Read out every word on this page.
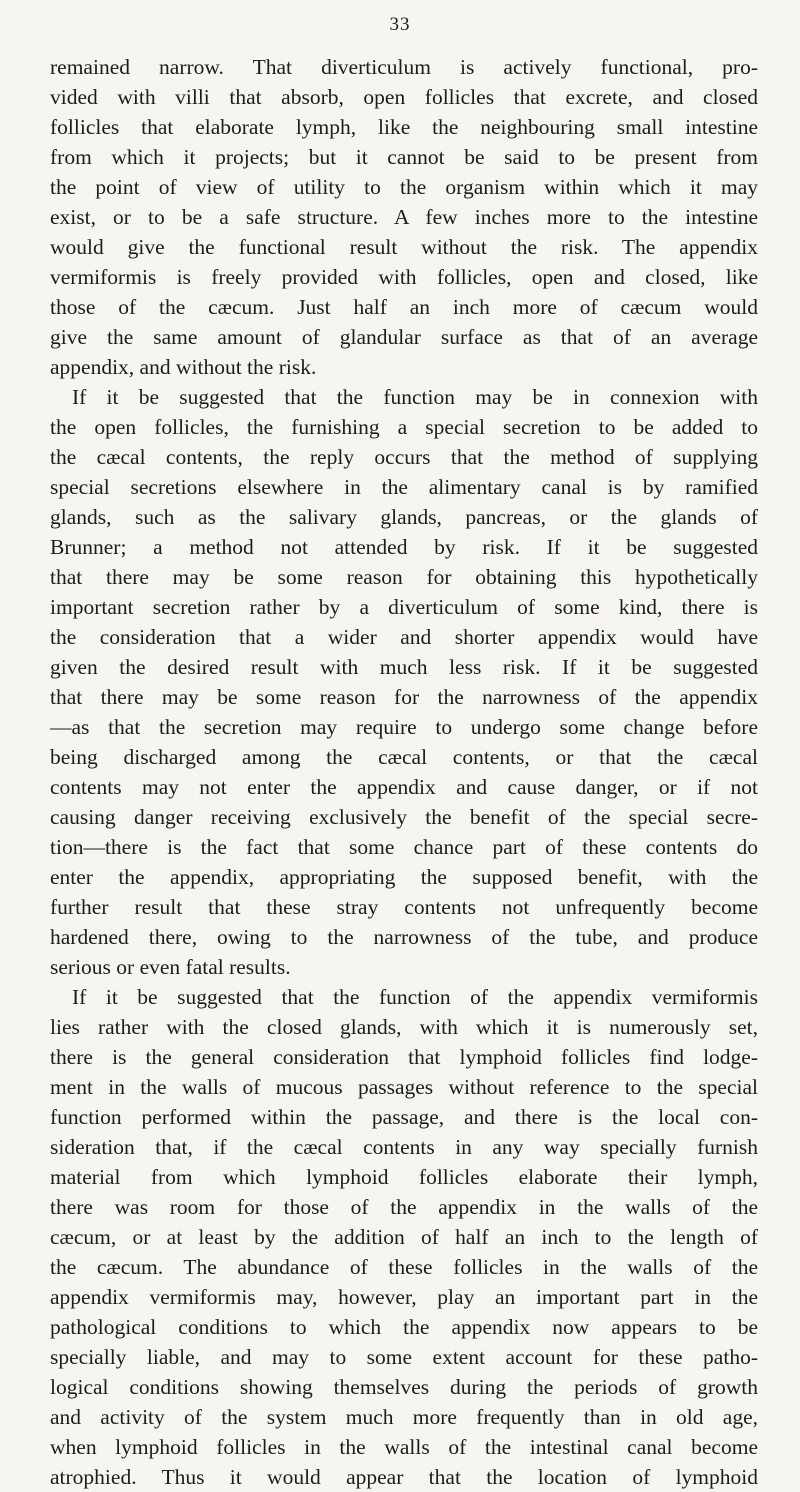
33
remained narrow. That diverticulum is actively functional, pro-
vided with villi that absorb, open follicles that excrete, and closed
follicles that elaborate lymph, like the neighbouring small intestine
from which it projects; but it cannot be said to be present from
the point of view of utility to the organism within which it may
exist, or to be a safe structure. A few inches more to the intestine
would give the functional result without the risk. The appendix
vermiformis is freely provided with follicles, open and closed, like
those of the cæcum. Just half an inch more of cæcum would
give the same amount of glandular surface as that of an average
appendix, and without the risk.
If it be suggested that the function may be in connexion with
the open follicles, the furnishing a special secretion to be added to
the cæcal contents, the reply occurs that the method of supplying
special secretions elsewhere in the alimentary canal is by ramified
glands, such as the salivary glands, pancreas, or the glands of
Brunner; a method not attended by risk. If it be suggested
that there may be some reason for obtaining this hypothetically
important secretion rather by a diverticulum of some kind, there is
the consideration that a wider and shorter appendix would have
given the desired result with much less risk. If it be suggested
that there may be some reason for the narrowness of the appendix
—as that the secretion may require to undergo some change before
being discharged among the cæcal contents, or that the cæcal
contents may not enter the appendix and cause danger, or if not
causing danger receiving exclusively the benefit of the special secre-
tion—there is the fact that some chance part of these contents do
enter the appendix, appropriating the supposed benefit, with the
further result that these stray contents not unfrequently become
hardened there, owing to the narrowness of the tube, and produce
serious or even fatal results.
If it be suggested that the function of the appendix vermiformis
lies rather with the closed glands, with which it is numerously set,
there is the general consideration that lymphoid follicles find lodge-
ment in the walls of mucous passages without reference to the special
function performed within the passage, and there is the local con-
sideration that, if the cæcal contents in any way specially furnish
material from which lymphoid follicles elaborate their lymph,
there was room for those of the appendix in the walls of the
cæcum, or at least by the addition of half an inch to the length of
the cæcum. The abundance of these follicles in the walls of the
appendix vermiformis may, however, play an important part in the
pathological conditions to which the appendix now appears to be
specially liable, and may to some extent account for these patho-
logical conditions showing themselves during the periods of growth
and activity of the system much more frequently than in old age,
when lymphoid follicles in the walls of the intestinal canal become
atrophied. Thus it would appear that the location of lymphoid
